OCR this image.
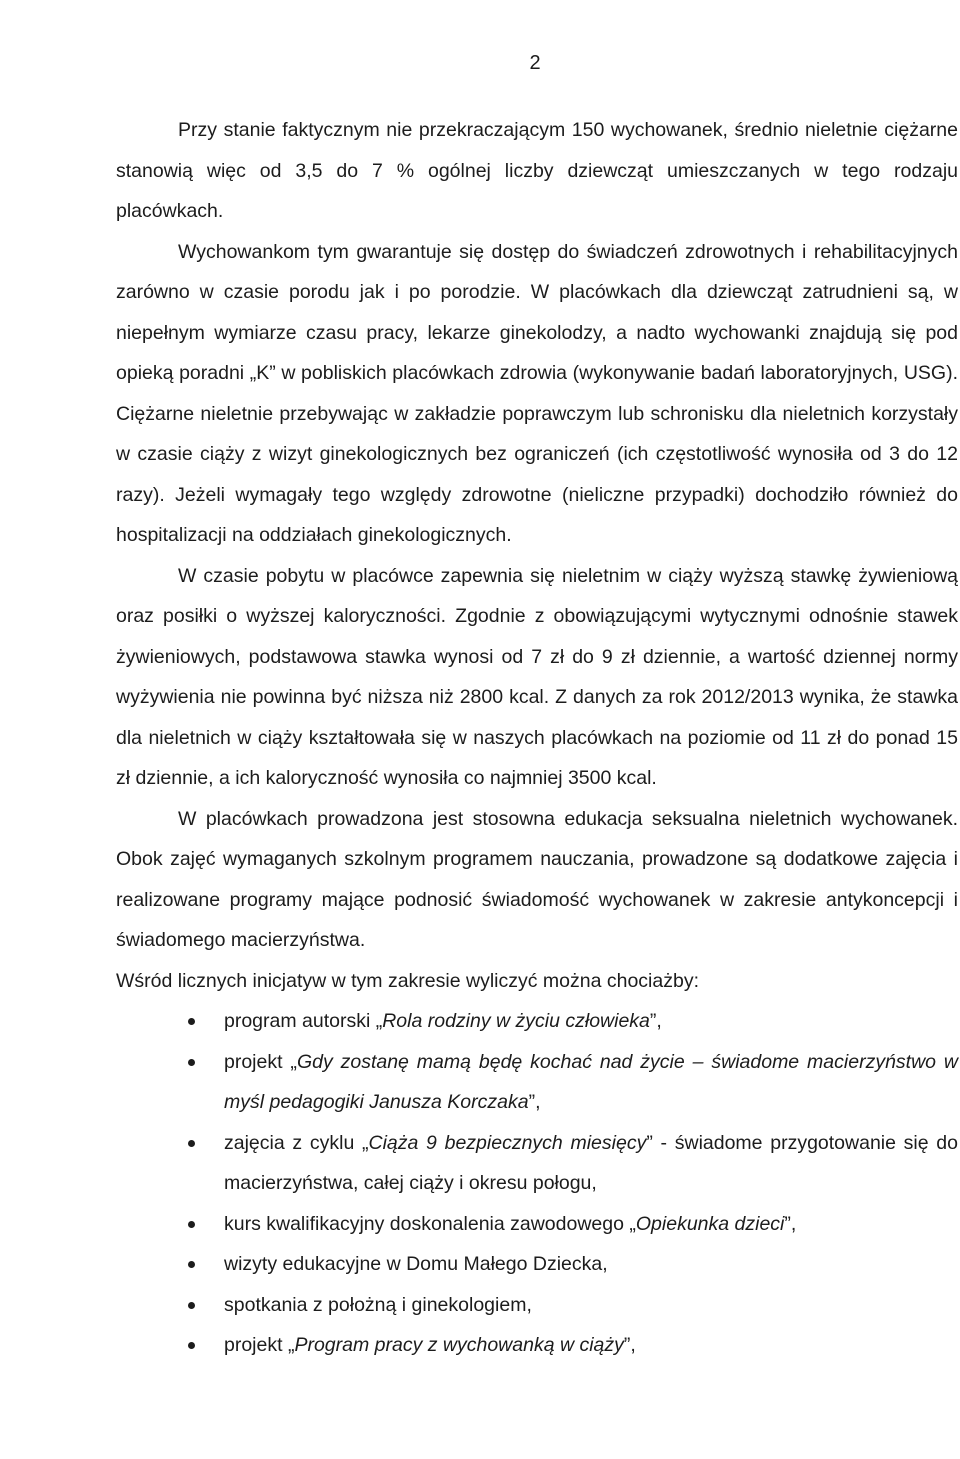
2

Przy stanie faktycznym nie przekraczającym 150 wychowanek, średnio nieletnie ciężarne stanowią więc od 3,5 do 7 % ogólnej liczby dziewcząt umieszczanych w tego rodzaju placówkach.

Wychowankom tym gwarantuje się dostęp do świadczeń zdrowotnych i rehabilitacyjnych zarówno w czasie porodu jak i po porodzie. W placówkach dla dziewcząt zatrudnieni są, w niepełnym wymiarze czasu pracy, lekarze ginekolodzy, a nadto wychowanki znajdują się pod opieką poradni „K” w pobliskich placówkach zdrowia (wykonywanie badań laboratoryjnych, USG). Ciężarne nieletnie przebywając w zakładzie poprawczym lub schronisku dla nieletnich korzystały w czasie ciąży z wizyt ginekologicznych bez ograniczeń (ich częstotliwość wynosiła od 3 do 12 razy). Jeżeli wymagały tego względy zdrowotne (nieliczne przypadki) dochodziło również do hospitalizacji na oddziałach ginekologicznych.

W czasie pobytu w placówce zapewnia się nieletnim w ciąży wyższą stawkę żywieniową oraz posiłki o wyższej kaloryczności. Zgodnie z obowiązującymi wytycznymi odnośnie stawek żywieniowych, podstawowa stawka wynosi od 7 zł do 9 zł dziennie, a wartość dziennej normy wyżywienia nie powinna być niższa niż 2800 kcal. Z danych za rok 2012/2013 wynika, że stawka dla nieletnich w ciąży kształtowała się w naszych placówkach na poziomie od 11 zł do ponad 15 zł dziennie, a ich kaloryczność wynosiła co najmniej 3500 kcal.

W placówkach prowadzona jest stosowna edukacja seksualna nieletnich wychowanek. Obok zajęć wymaganych szkolnym programem nauczania, prowadzone są dodatkowe zajęcia i realizowane programy mające podnosić świadomość wychowanek w zakresie antykoncepcji i świadomego macierzyństwa.

Wśród licznych inicjatyw w tym zakresie wyliczyć można chociażby:

program autorski „Rola rodziny w życiu człowieka”,
projekt „Gdy zostanę mamą będę kochać nad życie – świadome macierzyństwo w myśl pedagogiki Janusza Korczaka”,
zajęcia z cyklu „Ciąża 9 bezpiecznych miesięcy” - świadome przygotowanie się do macierzyństwa, całej ciąży i okresu połogu,
kurs kwalifikacyjny doskonalenia zawodowego „Opiekunka dzieci”,
wizyty edukacyjne w Domu Małego Dziecka,
spotkania z położną i ginekologiem,
projekt „Program pracy z wychowanką w ciąży”,
